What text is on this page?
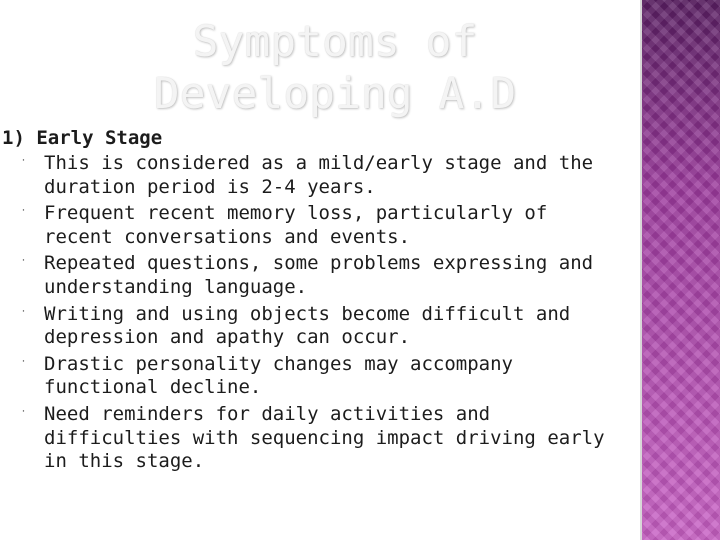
Symptoms of
Developing A.D

1) Early Stage

⸱ This is considered as a mild/early stage and the duration period is 2-4 years.
⸱ Frequent recent memory loss, particularly of recent conversations and events.
⸱ Repeated questions, some problems expressing and understanding language.
⸱ Writing and using objects become difficult and depression and apathy can occur.
⸱ Drastic personality changes may accompany functional decline.
⸱ Need reminders for daily activities and difficulties with sequencing impact driving early in this stage.
